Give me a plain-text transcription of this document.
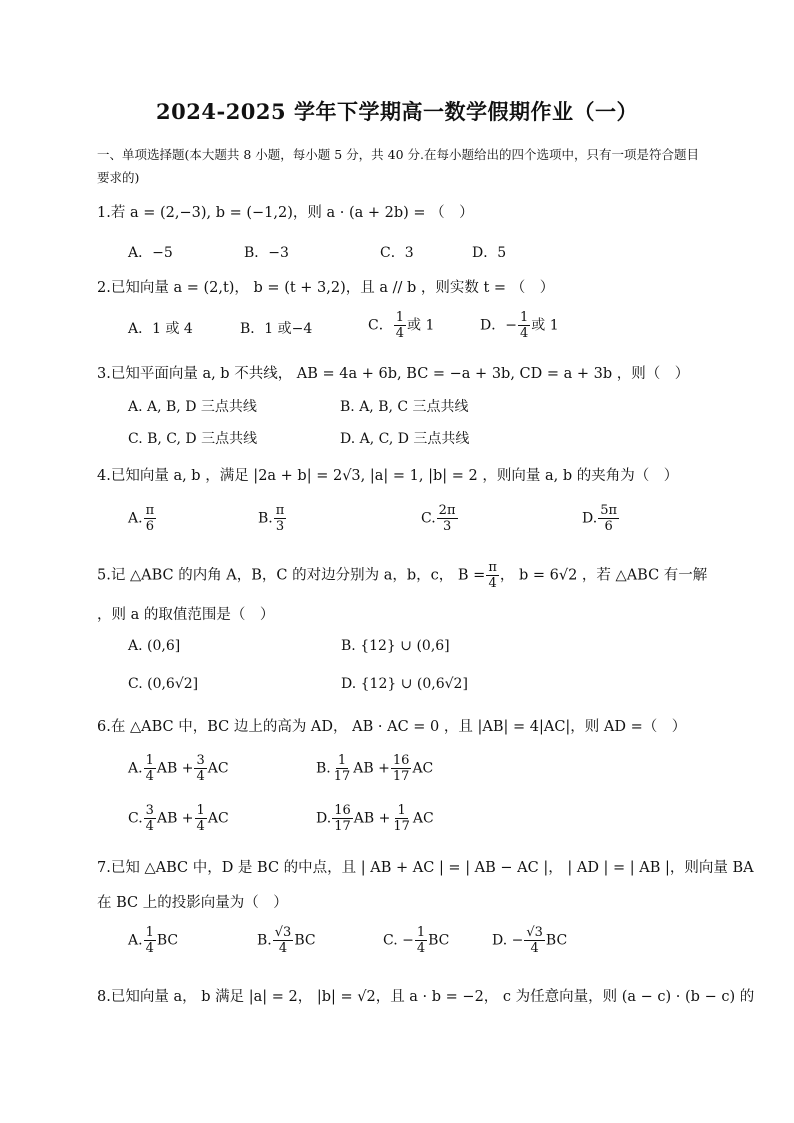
2024-2025 学年下学期高一数学假期作业（一）
一、单项选择题(本大题共 8 小题，每小题 5 分，共 40 分.在每小题给出的四个选项中，只有一项是符合题目要求的)
1.若 a = (2,−3), b = (−1,2)，则 a · (a + 2b) = （　）
A．−5	B．−3	C．3	D．5
2.已知向量 a = (2,t)， b = (t + 3,2)，且 a // b ，则实数 t = （　）
A．1 或 4	B．1 或−4	C． $\frac{1}{4}$ 或 1	D．− $\frac{1}{4}$ 或 1
3.已知平面向量 a, b 不共线， AB = 4a + 6b, BC = −a + 3b, CD = a + 3b ，则（　）
A. A, B, D 三点共线	B. A, B, C 三点共线
C. B, C, D 三点共线	D. A, C, D 三点共线
4.已知向量 a, b ，满足 |2a + b| = 2√3, |a| = 1, |b| = 2 ，则向量 a, b 的夹角为（　）
A. $\frac{\pi}{6}$	B. $\frac{\pi}{3}$	C. $\frac{2\pi}{3}$	D. $\frac{5\pi}{6}$
5.记 △ABC 的内角 A，B，C 的对边分别为 a，b，c， $B = \frac{\pi}{4}$ ， b = 6√2 ，若 △ABC 有一解
，则 a 的取值范围是（　）
A. (0,6]	B. {12} ∪ (0,6]
C. (0,6√2]	D. {12} ∪ (0,6√2]
6.在 △ABC 中，BC 边上的高为 AD， AB · AC = 0 ，且 |AB| = 4|AC|，则 AD =（　）
A. $\frac{1}{4}$ AB + $\frac{3}{4}$ AC	B. $\frac{1}{17}$ AB + $\frac{16}{17}$ AC
C. $\frac{3}{4}$ AB + $\frac{1}{4}$ AC	D. $\frac{16}{17}$ AB + $\frac{1}{17}$ AC
7.已知 △ABC 中，D 是 BC 的中点，且 | AB + AC | = | AB − AC |， | AD | = | AB |，则向量 BA
在 BC 上的投影向量为（　）
A. $\frac{1}{4}$ BC	B. $\frac{√3}{4}$ BC	C. − $\frac{1}{4}$ BC	D. − $\frac{√3}{4}$ BC
8.已知向量 a， b 满足 |a| = 2， |b| = √2，且 a · b = −2， c 为任意向量，则 (a − c) · (b − c) 的
